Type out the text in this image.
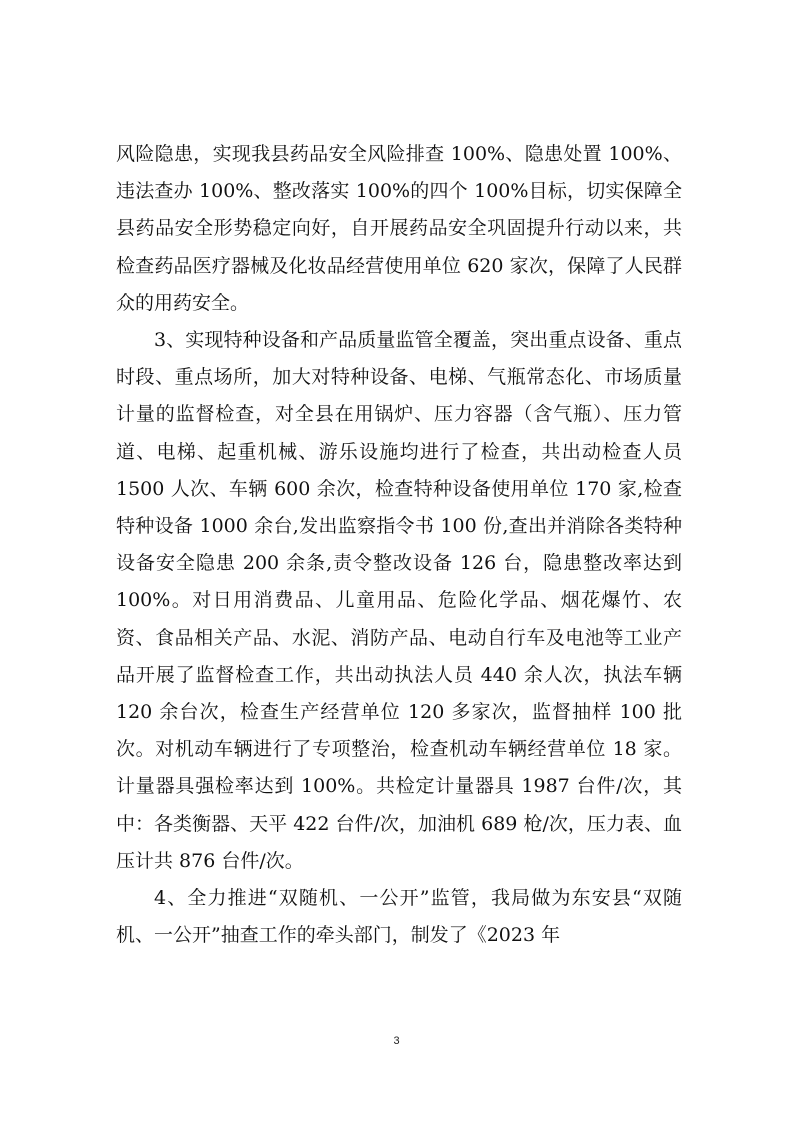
风险隐患，实现我县药品安全风险排查 100%、隐患处置 100%、违法查办 100%、整改落实 100%的四个 100%目标，切实保障全县药品安全形势稳定向好，自开展药品安全巩固提升行动以来，共检查药品医疗器械及化妆品经营使用单位 620 家次，保障了人民群众的用药安全。

3、实现特种设备和产品质量监管全覆盖，突出重点设备、重点时段、重点场所，加大对特种设备、电梯、气瓶常态化、市场质量计量的监督检查，对全县在用锅炉、压力容器（含气瓶）、压力管道、电梯、起重机械、游乐设施均进行了检查，共出动检查人员 1500 人次、车辆 600 余次，检查特种设备使用单位 170 家,检查特种设备 1000 余台,发出监察指令书 100 份,查出并消除各类特种设备安全隐患 200 余条,责令整改设备 126 台，隐患整改率达到 100%。对日用消费品、儿童用品、危险化学品、烟花爆竹、农资、食品相关产品、水泥、消防产品、电动自行车及电池等工业产品开展了监督检查工作，共出动执法人员 440 余人次，执法车辆 120 余台次，检查生产经营单位 120 多家次，监督抽样 100 批次。对机动车辆进行了专项整治，检查机动车辆经营单位 18 家。计量器具强检率达到 100%。共检定计量器具 1987 台件/次，其中：各类衡器、天平 422 台件/次，加油机 689 枪/次，压力表、血压计共 876 台件/次。

4、全力推进“双随机、一公开”监管，我局做为东安县“双随机、一公开”抽查工作的牵头部门，制发了《2023 年

3
